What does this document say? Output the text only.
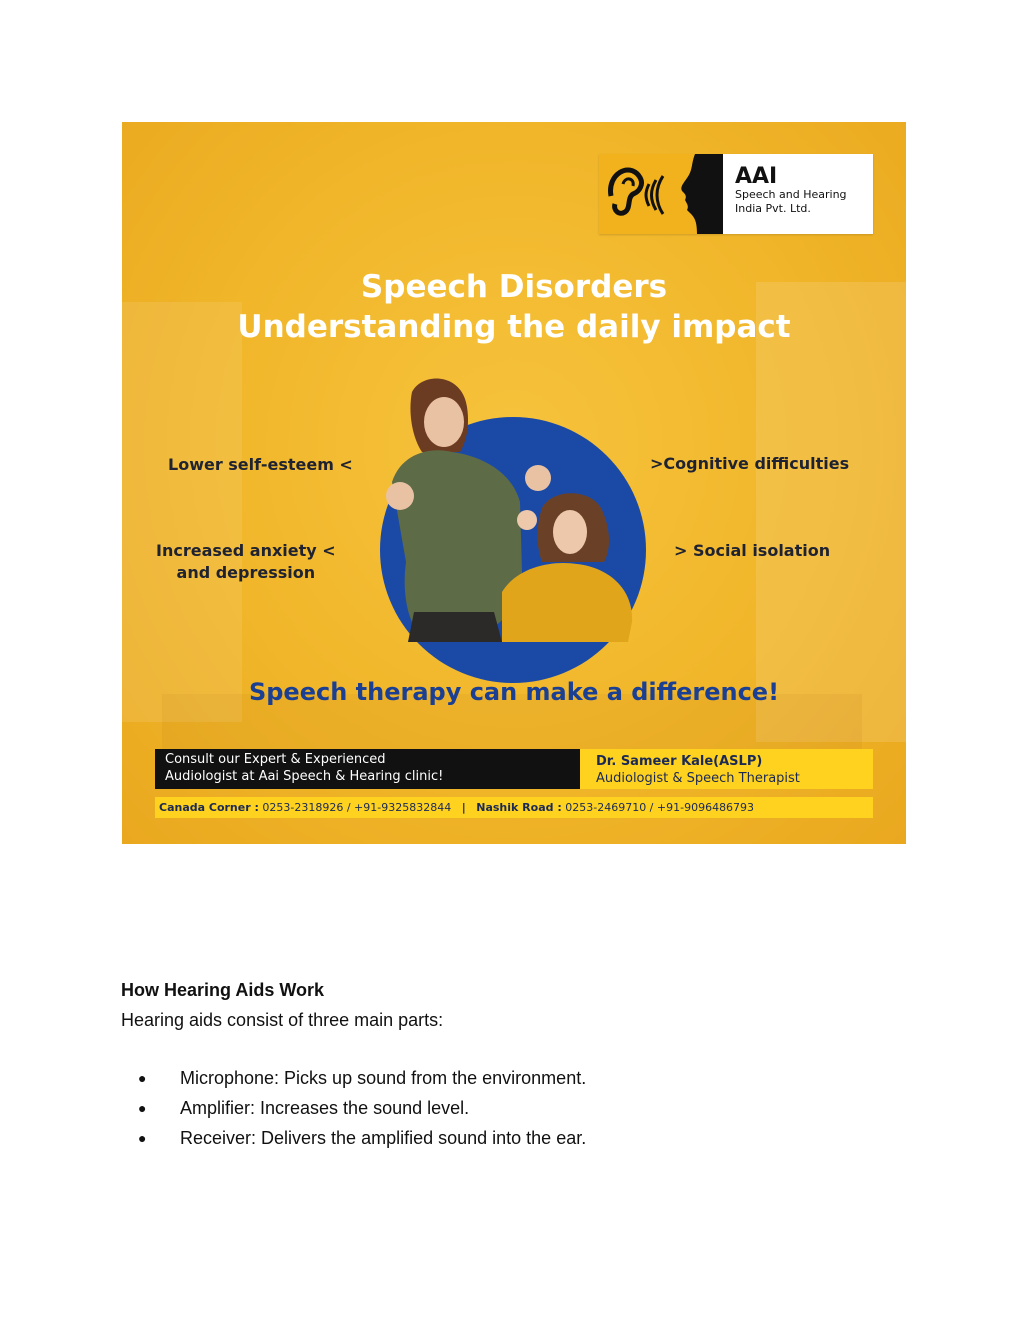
AAI
Speech and Hearing
India Pvt. Ltd.
Speech Disorders
Understanding the daily impact
Lower self-esteem <
Increased anxiety <
and depression
>Cognitive difficulties
> Social isolation
Speech therapy can make a difference!
Consult our Expert & Experienced
Audiologist at Aai Speech & Hearing clinic!
Dr. Sameer Kale(ASLP)
Audiologist & Speech Therapist
Canada Corner : 0253-2318926 / +91-9325832844 | Nashik Road : 0253-2469710 / +91-9096486793
How Hearing Aids Work

Hearing aids consist of three main parts:

● Microphone: Picks up sound from the environment.
● Amplifier: Increases the sound level.
● Receiver: Delivers the amplified sound into the ear.
